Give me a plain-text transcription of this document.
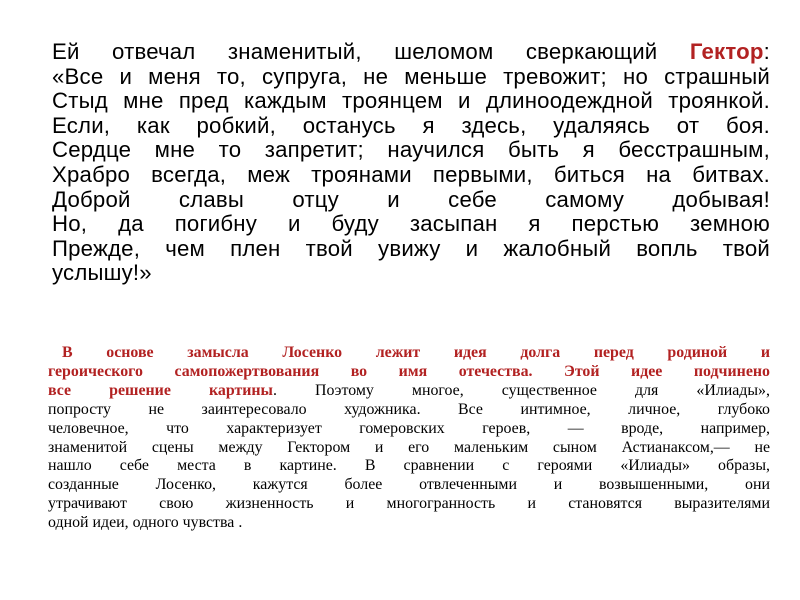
Ей отвечал знаменитый, шеломом сверкающий Гектор:
«Все и меня то, супруга, не меньше тревожит; но страшный
Стыд мне пред каждым троянцем и длиноодеждной троянкой.
Если, как робкий, останусь я здесь, удаляясь от боя.
Сердце мне то запретит; научился быть я бесстрашным,
Храбро всегда, меж троянами первыми, биться на битвах.
Доброй славы отцу и себе самому добывая!
Но, да погибну и буду засыпан я перстью земною
Прежде, чем плен твой увижу и жалобный вопль твой
услышу!»
В основе замысла Лосенко лежит идея долга перед родиной и
героического самопожертвования во имя отечества. Этой идее подчинено
все решение картины. Поэтому многое, существенное для «Илиады»,
попросту не заинтересовало художника. Все интимное, личное, глубоко
человечное, что характеризует гомеровских героев, — вроде, например,
знаменитой сцены между Гектором и его маленьким сыном Астианаксом,— не
нашло себе места в картине. В сравнении с героями «Илиады» образы,
созданные Лосенко, кажутся более отвлеченными и возвышенными, они
утрачивают свою жизненность и многогранность и становятся выразителями
одной идеи, одного чувства .
